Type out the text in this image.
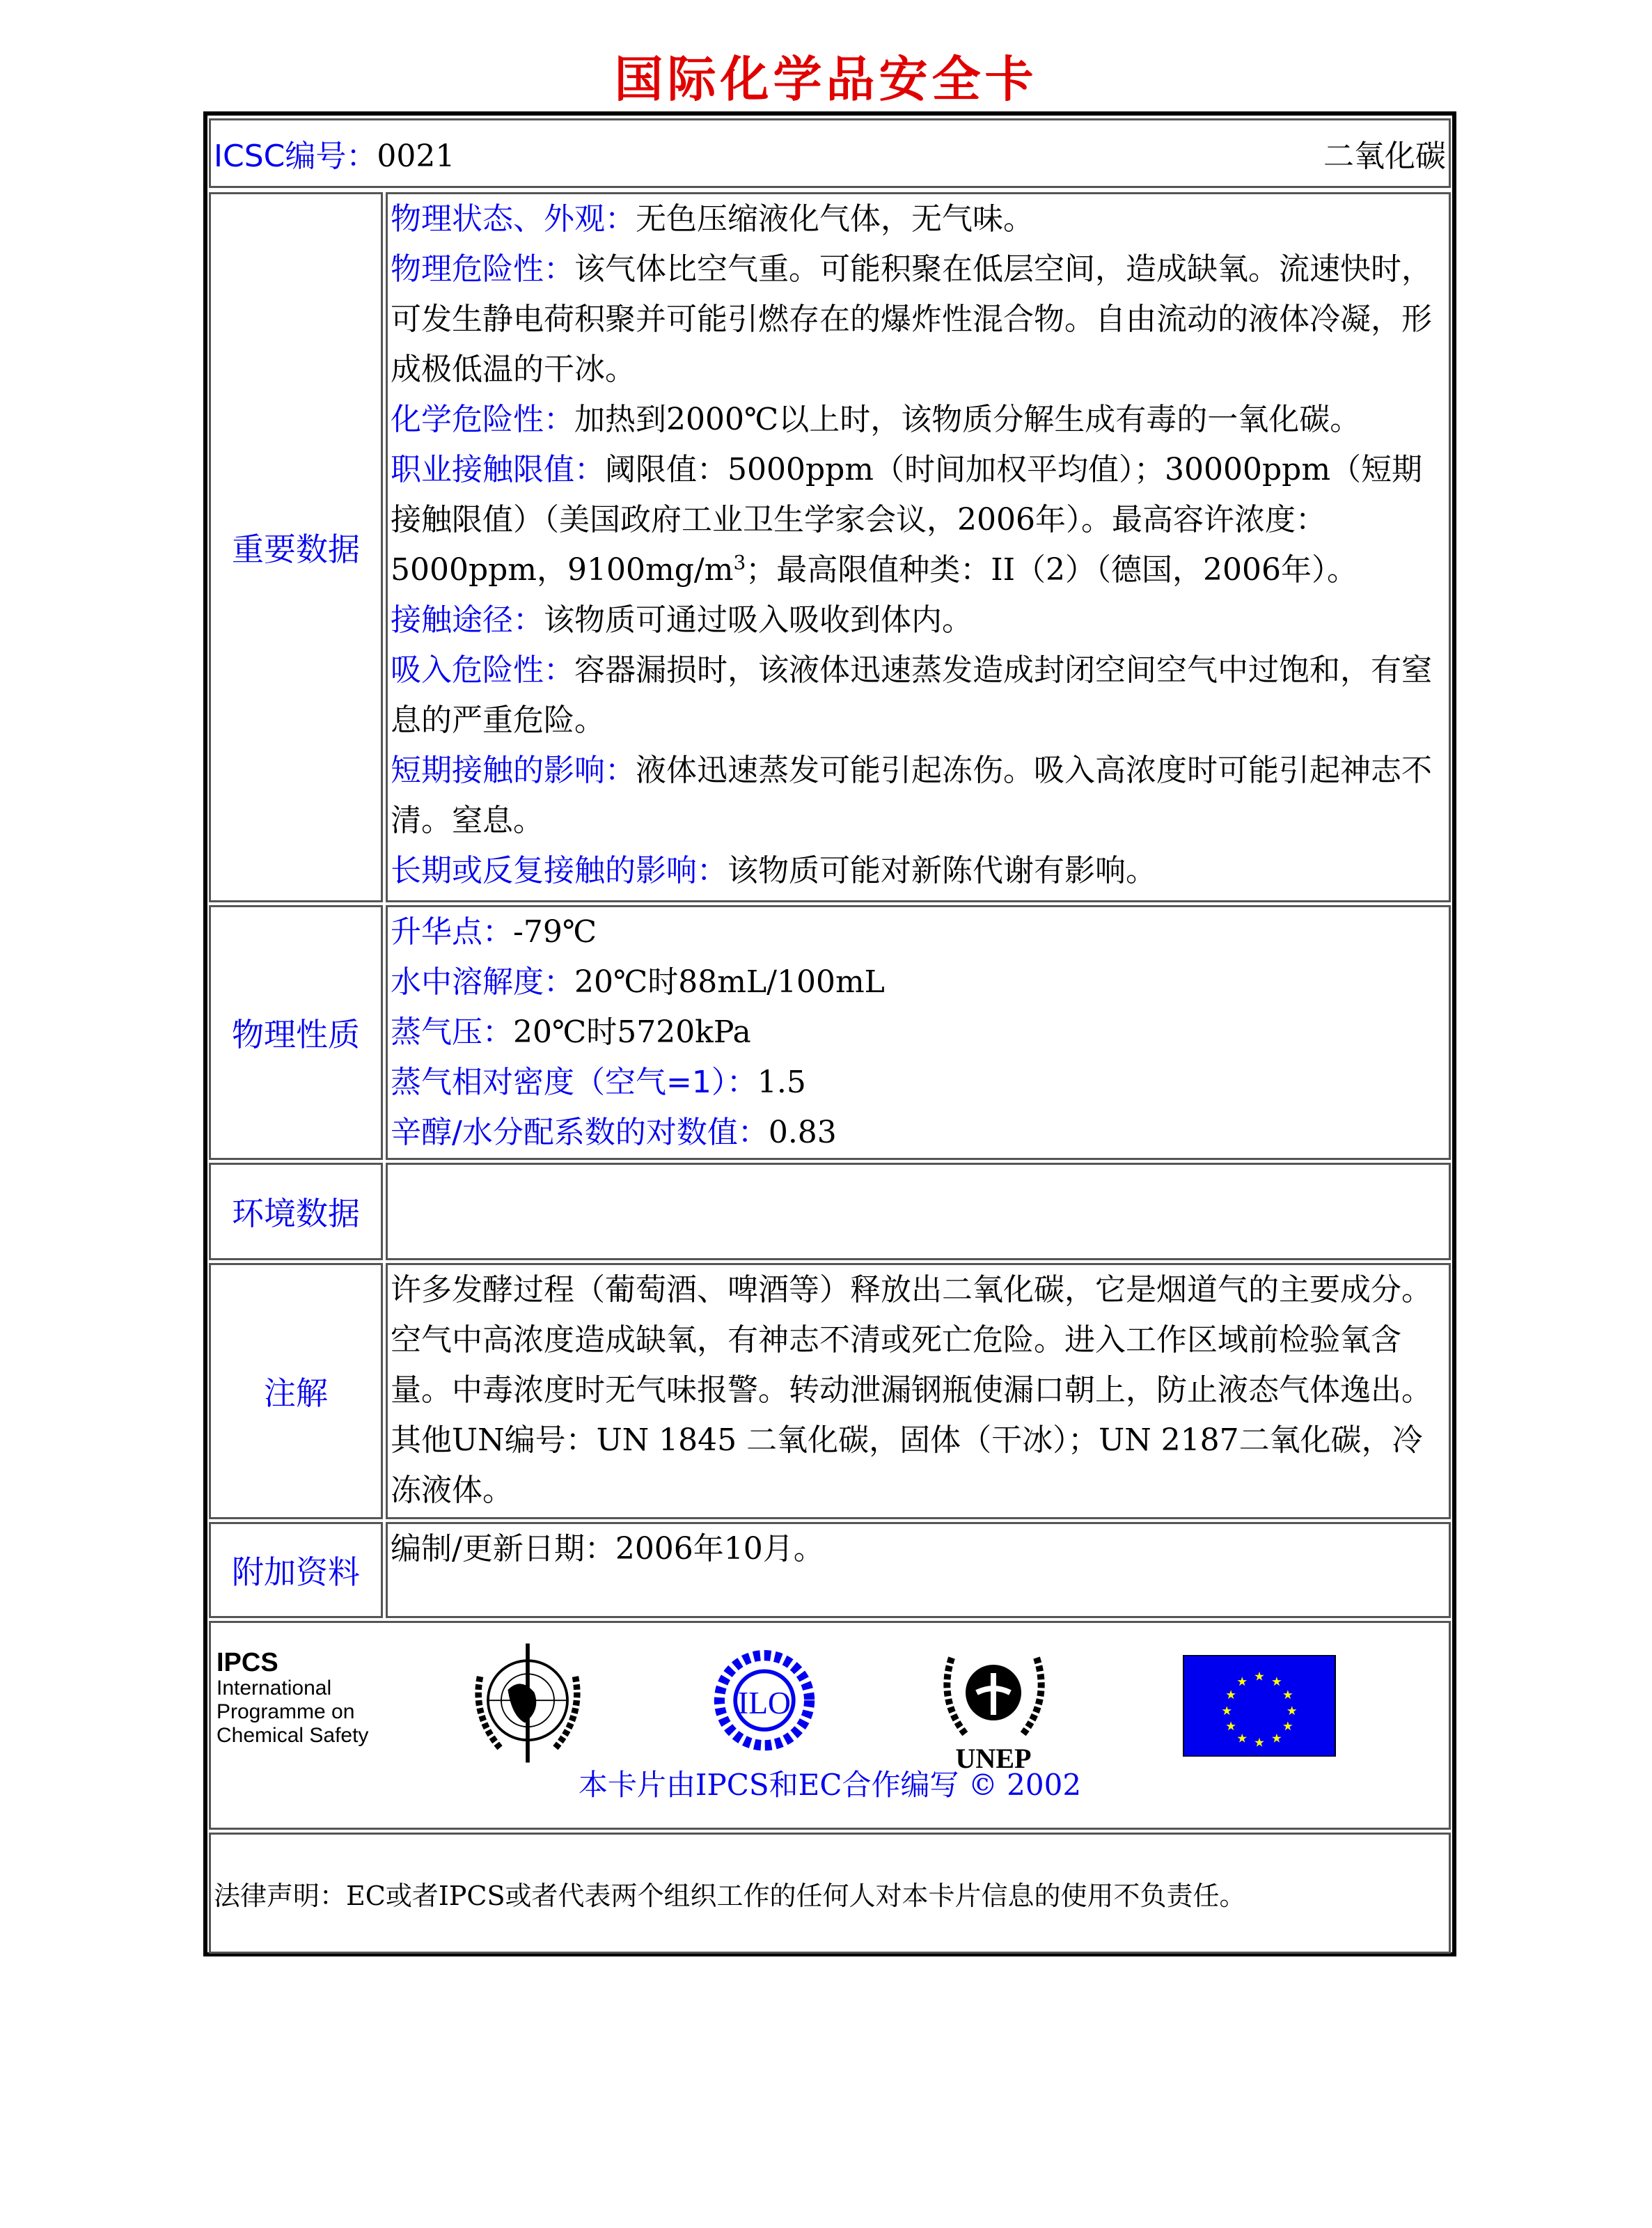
国际化学品安全卡
ICSC编号：0021	二氧化碳
重要数据
物理状态、外观：无色压缩液化气体，无气味。
物理危险性：该气体比空气重。可能积聚在低层空间，造成缺氧。流速快时，可发生静电荷积聚并可能引燃存在的爆炸性混合物。自由流动的液体冷凝，形成极低温的干冰。
化学危险性：加热到2000℃以上时，该物质分解生成有毒的一氧化碳。
职业接触限值：阈限值：5000ppm（时间加权平均值）；30000ppm（短期接触限值）（美国政府工业卫生学家会议，2006年）。最高容许浓度：5000ppm，$9100mg/m^3$；最高限值种类：II（2）（德国，2006年）。
接触途径：该物质可通过吸入吸收到体内。
吸入危险性：容器漏损时，该液体迅速蒸发造成封闭空间空气中过饱和，有窒息的严重危险。
短期接触的影响：液体迅速蒸发可能引起冻伤。吸入高浓度时可能引起神志不清。窒息。
长期或反复接触的影响：该物质可能对新陈代谢有影响。
物理性质
升华点：-79℃
水中溶解度：20℃时88mL/100mL
蒸气压：20℃时5720kPa
蒸气相对密度（空气=1）：1.5
辛醇/水分配系数的对数值：0.83
环境数据
注解
许多发酵过程（葡萄酒、啤酒等）释放出二氧化碳，它是烟道气的主要成分。空气中高浓度造成缺氧，有神志不清或死亡危险。进入工作区域前检验氧含量。中毒浓度时无气味报警。转动泄漏钢瓶使漏口朝上，防止液态气体逸出。其他UN编号：UN 1845 二氧化碳，固体（干冰）；UN 2187二氧化碳，冷冻液体。
附加资料
编制/更新日期：2006年10月。
IPCS
International
Programme on
Chemical Safety
ILO
UNEP
★ ★
★
★
★
★
★
★
★
★
★
★
本卡片由IPCS和EC合作编写 © 2002
法律声明： EC或者IPCS或者代表两个组织工作的任何人对本卡片信息的使用不负责任。
